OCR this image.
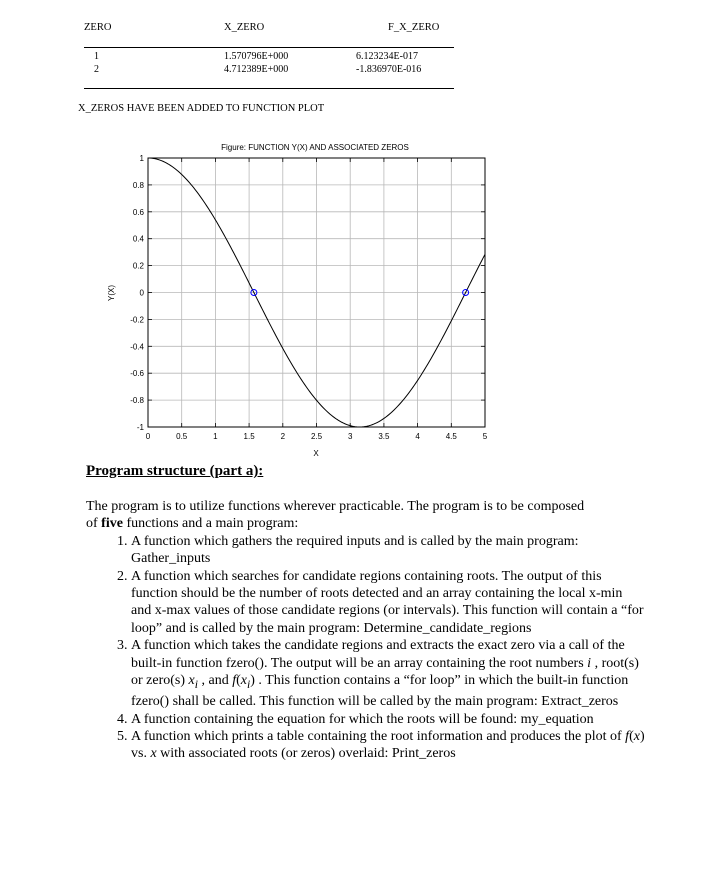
ZERO	X_ZERO	F_X_ZERO
1	1.570796E+000	6.123234E-017
2	4.712389E+000	-1.836970E-016
X_ZEROS HAVE BEEN ADDED TO FUNCTION PLOT
Figure: FUNCTION Y(X) AND ASSOCIATED ZEROS
0	0.5	1	1.5	2	2.5	3	3.5	4	4.5	5
1
0.8
0.6
0.4
0.2
0
-0.2
-0.4
-0.6
-0.8
-1
X
Y(X)
Program structure (part a):

The program is to utilize functions wherever practicable. The program is to be composed
of five functions and a main program:

1. A function which gathers the required inputs and is called by the main program: Gather_inputs
2. A function which searches for candidate regions containing roots. The output of this function should be the number of roots detected and an array containing the local x-min and x-max values of those candidate regions (or intervals). This function will contain a “for loop” and is called by the main program: Determine_candidate_regions
3. A function which takes the candidate regions and extracts the exact zero via a call of the built-in function fzero(). The output will be an array containing the root numbers i , root(s) or zero(s) $x_i$ , and $f(x_i)$ . This function contains a “for loop” in which the built-in function fzero() shall be called. This function will be called by the main program: Extract_zeros
4. A function containing the equation for which the roots will be found: my_equation
5. A function which prints a table containing the root information and produces the plot of f(x) vs. x with associated roots (or zeros) overlaid: Print_zeros
